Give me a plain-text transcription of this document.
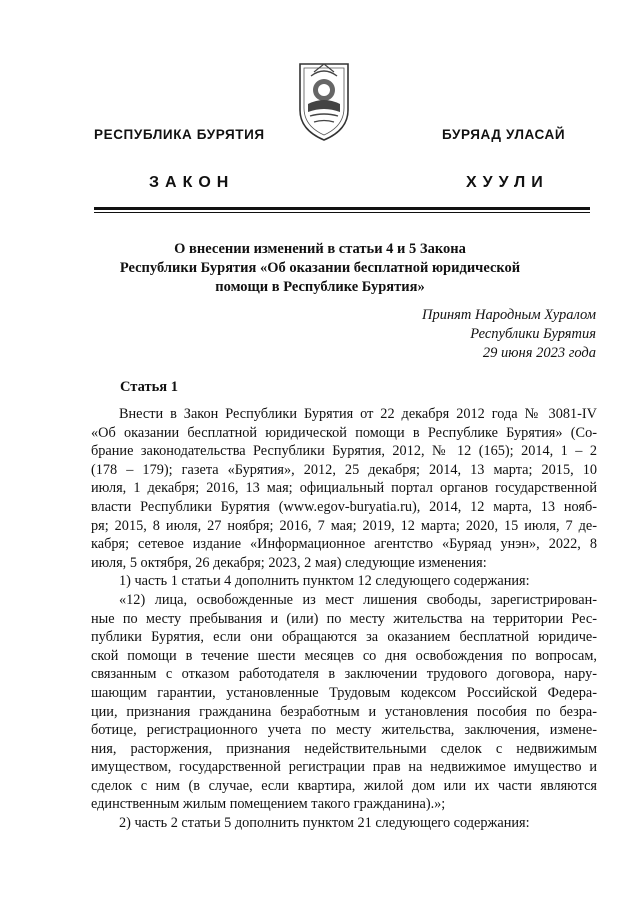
РЕСПУБЛИКА БУРЯТИЯ	БУРЯАД УЛАСАЙ
ЗАКОН	ХУУЛИ
О внесении изменений в статьи 4 и 5 Закона
Республики Бурятия «Об оказании бесплатной юридической
помощи в Республике Бурятия»
Принят Народным Хуралом
Республики Бурятия
29 июня 2023 года
Статья 1
Внести в Закон Республики Бурятия от 22 декабря 2012 года № 3081-IV
«Об оказании бесплатной юридической помощи в Республике Бурятия» (Со-
брание законодательства Республики Бурятия, 2012, № 12 (165); 2014, 1 – 2
(178 – 179); газета «Бурятия», 2012, 25 декабря; 2014, 13 марта; 2015, 10
июля, 1 декабря; 2016, 13 мая; официальный портал органов государственной
власти Республики Бурятия (www.egov-buryatia.ru), 2014, 12 марта, 13 нояб-
ря; 2015, 8 июля, 27 ноября; 2016, 7 мая; 2019, 12 марта; 2020, 15 июля, 7 де-
кабря; сетевое издание «Информационное агентство «Буряад унэн», 2022, 8
июля, 5 октября, 26 декабря; 2023, 2 мая) следующие изменения:
1) часть 1 статьи 4 дополнить пунктом 12 следующего содержания:
«12) лица, освобожденные из мест лишения свободы, зарегистрирован-
ные по месту пребывания и (или) по месту жительства на территории Рес-
публики Бурятия, если они обращаются за оказанием бесплатной юридиче-
ской помощи в течение шести месяцев со дня освобождения по вопросам,
связанным с отказом работодателя в заключении трудового договора, нару-
шающим гарантии, установленные Трудовым кодексом Российской Федера-
ции, признания гражданина безработным и установления пособия по безра-
ботице, регистрационного учета по месту жительства, заключения, измене-
ния, расторжения, признания недействительными сделок с недвижимым
имуществом, государственной регистрации прав на недвижимое имущество и
сделок с ним (в случае, если квартира, жилой дом или их части являются
единственным жилым помещением такого гражданина).»;
2) часть 2 статьи 5 дополнить пунктом 21 следующего содержания:
